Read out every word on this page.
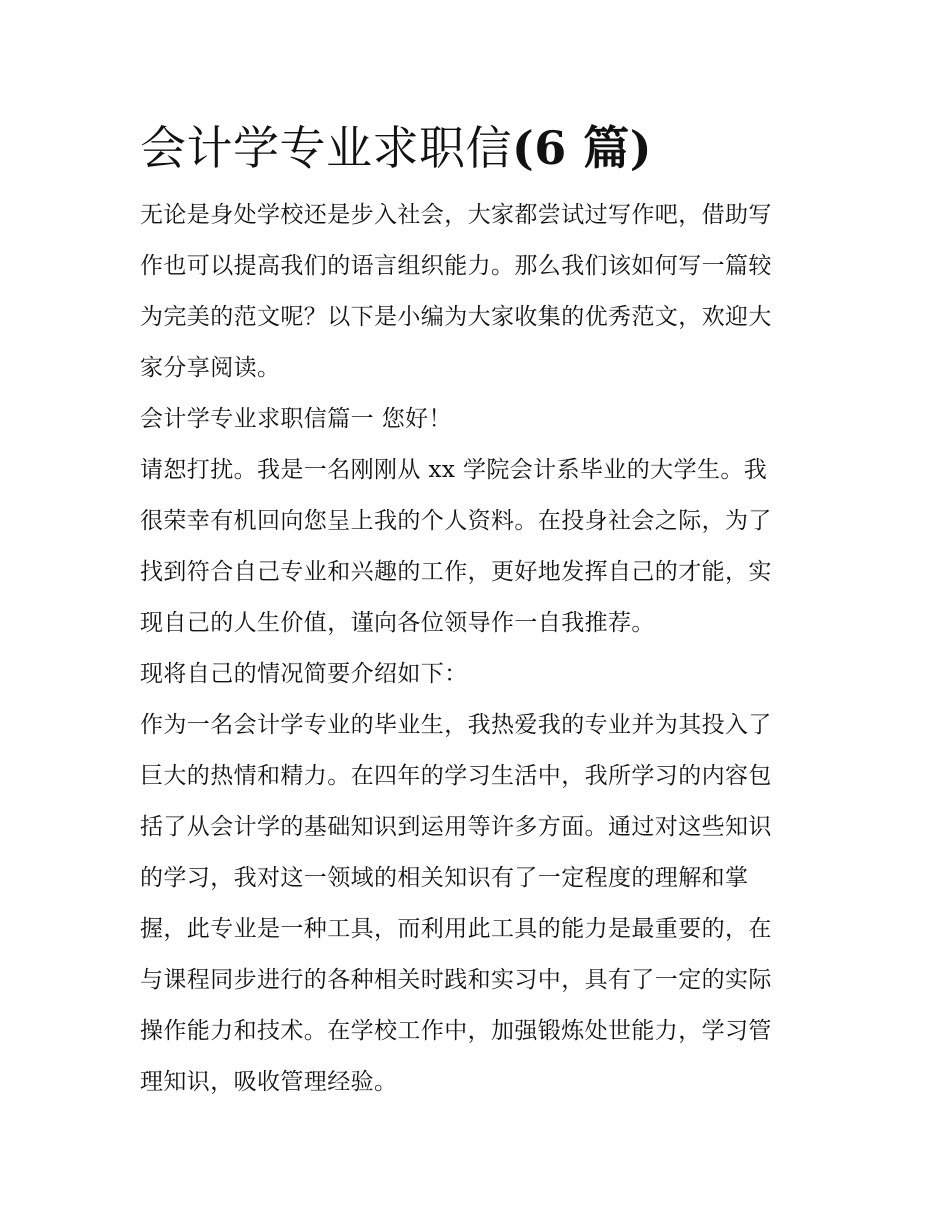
会计学专业求职信(6 篇)
无论是身处学校还是步入社会，大家都尝试过写作吧，借助写
作也可以提高我们的语言组织能力。那么我们该如何写一篇较
为完美的范文呢？以下是小编为大家收集的优秀范文，欢迎大
家分享阅读。
会计学专业求职信篇一 您好！
请恕打扰。我是一名刚刚从 xx 学院会计系毕业的大学生。我
很荣幸有机回向您呈上我的个人资料。在投身社会之际，为了
找到符合自己专业和兴趣的工作，更好地发挥自己的才能，实
现自己的人生价值，谨向各位领导作一自我推荐。
现将自己的情况简要介绍如下：
作为一名会计学专业的毕业生，我热爱我的专业并为其投入了
巨大的热情和精力。在四年的学习生活中，我所学习的内容包
括了从会计学的基础知识到运用等许多方面。通过对这些知识
的学习，我对这一领域的相关知识有了一定程度的理解和掌
握，此专业是一种工具，而利用此工具的能力是最重要的，在
与课程同步进行的各种相关时践和实习中，具有了一定的实际
操作能力和技术。在学校工作中，加强锻炼处世能力，学习管
理知识，吸收管理经验。
